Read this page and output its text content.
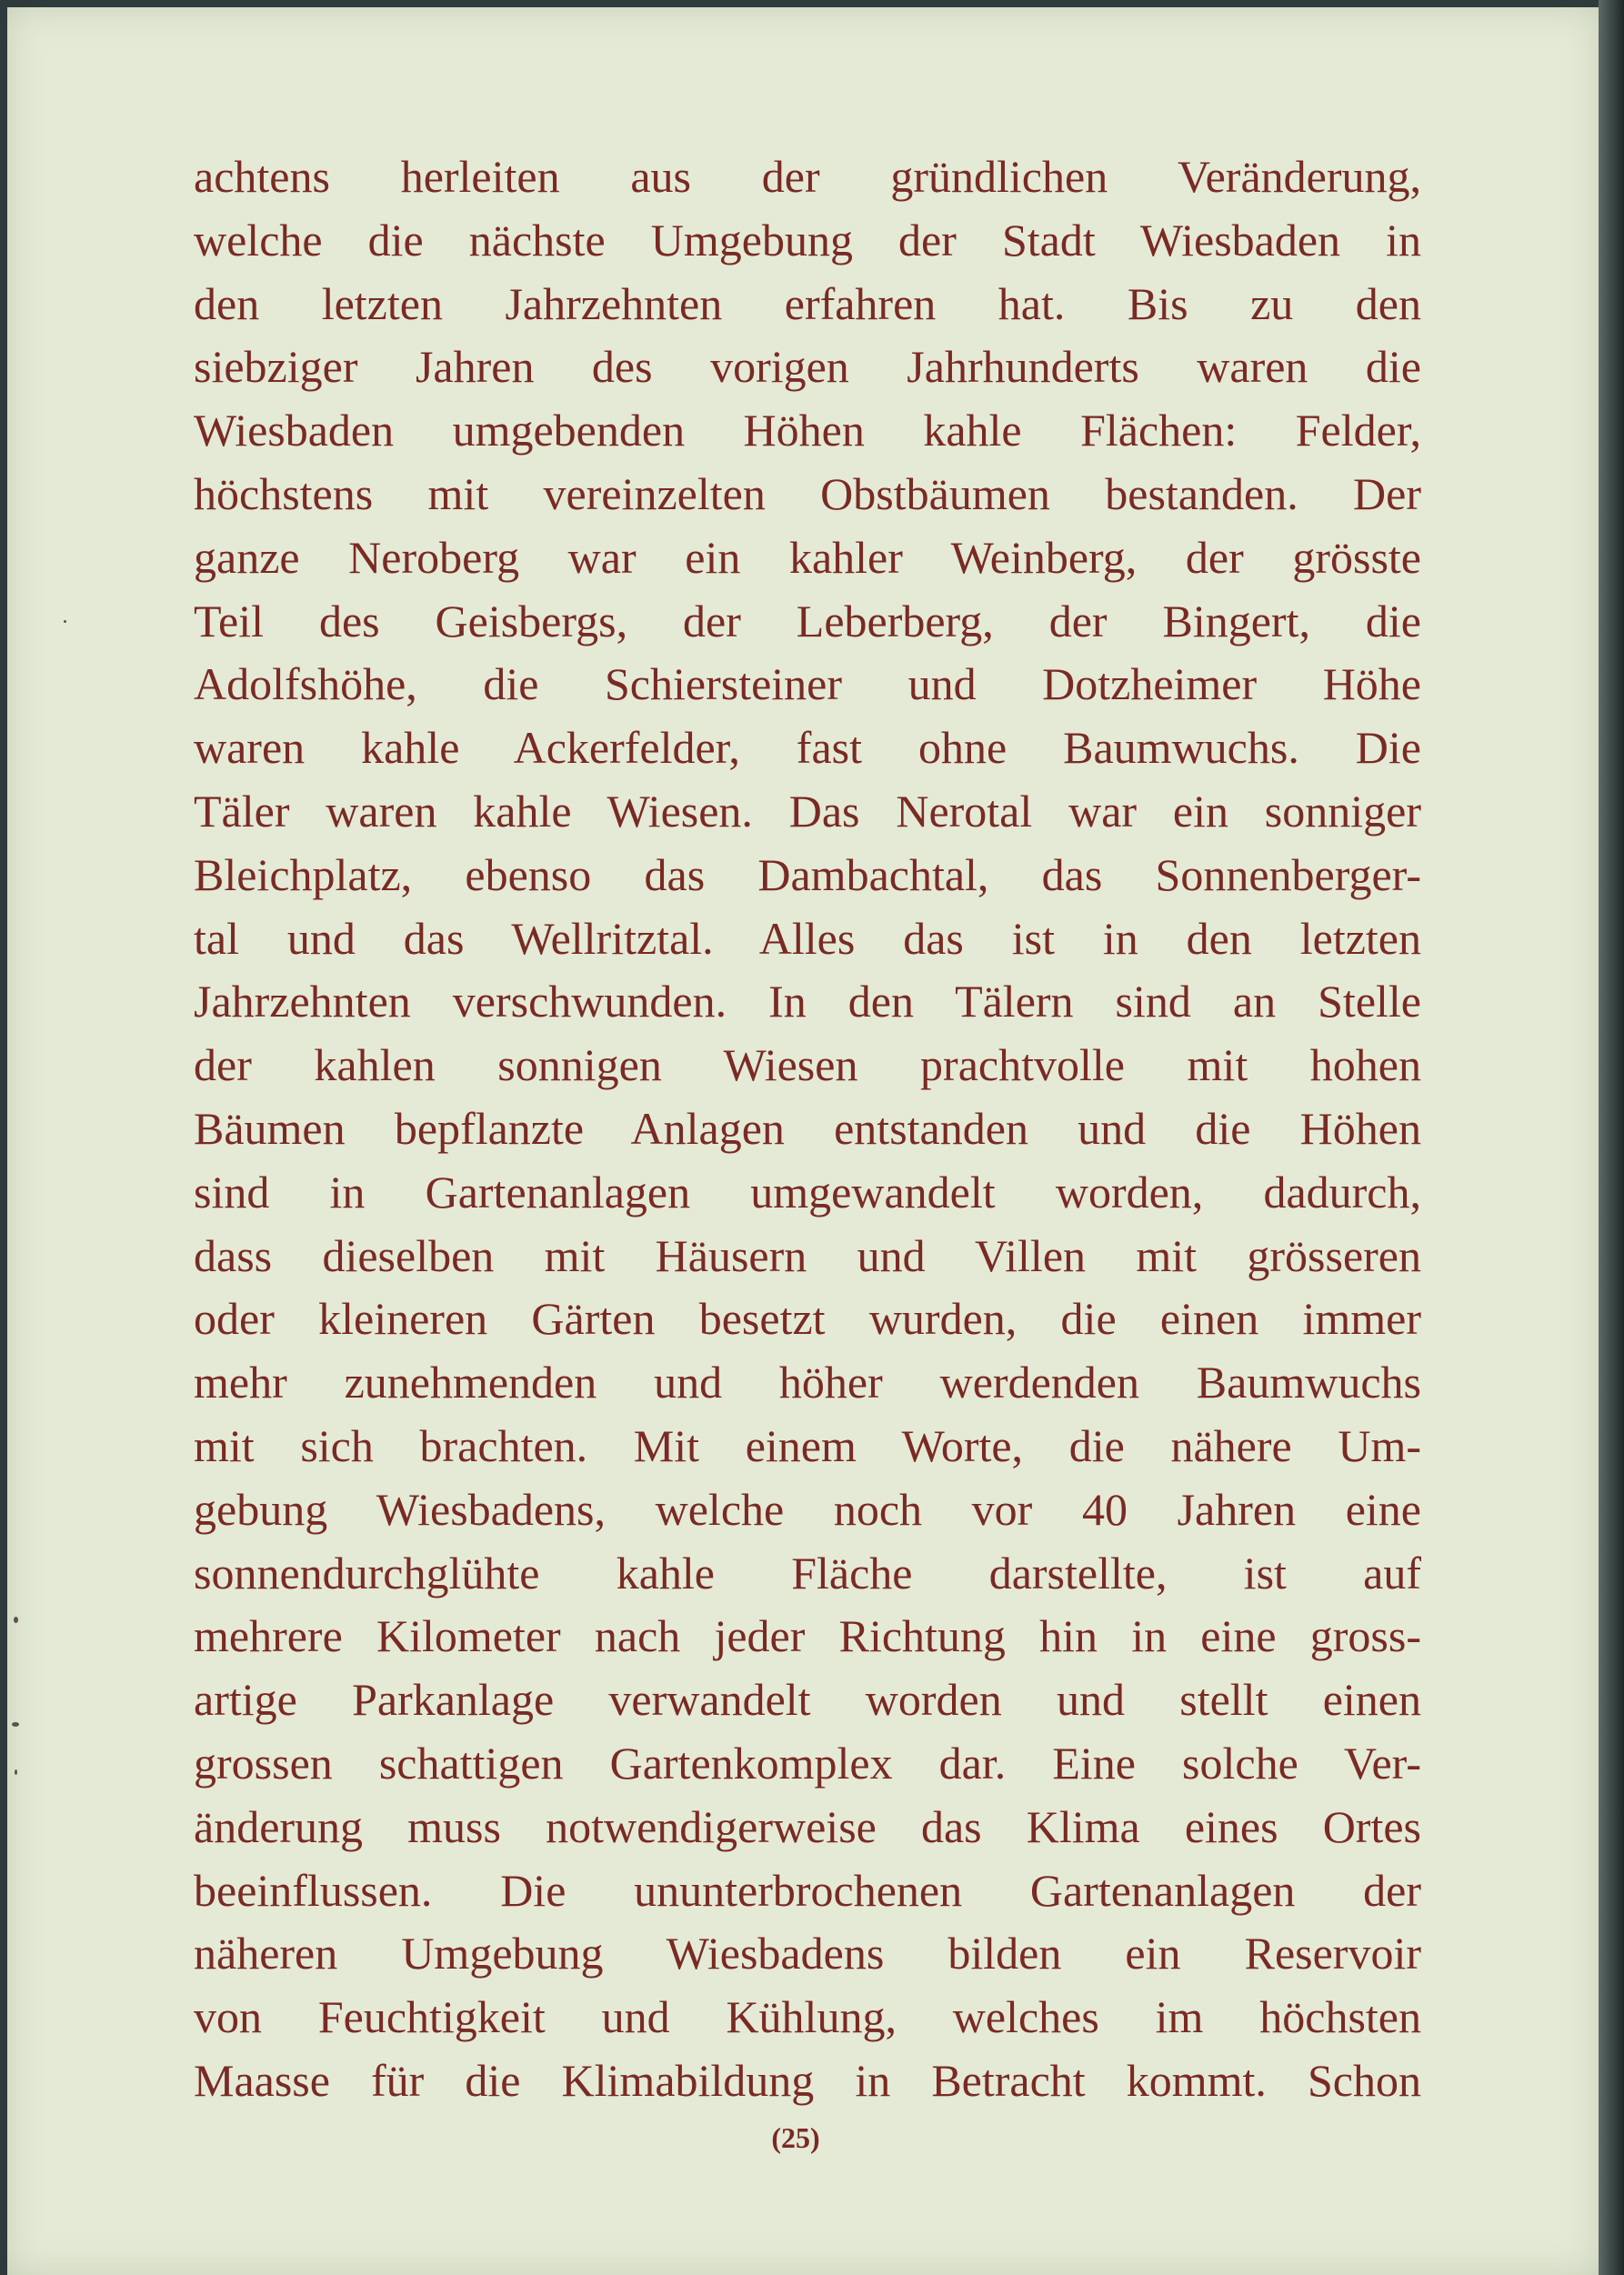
achtens herleiten aus der gründlichen Veränderung,
welche die nächste Umgebung der Stadt Wiesbaden in
den letzten Jahrzehnten erfahren hat. Bis zu den
siebziger Jahren des vorigen Jahrhunderts waren die
Wiesbaden umgebenden Höhen kahle Flächen: Felder,
höchstens mit vereinzelten Obstbäumen bestanden. Der
ganze Neroberg war ein kahler Weinberg, der grösste
Teil des Geisbergs, der Leberberg, der Bingert, die
Adolfshöhe, die Schiersteiner und Dotzheimer Höhe
waren kahle Ackerfelder, fast ohne Baumwuchs. Die
Täler waren kahle Wiesen. Das Nerotal war ein sonniger
Bleichplatz, ebenso das Dambachtal, das Sonnenberger-
tal und das Wellritztal. Alles das ist in den letzten
Jahrzehnten verschwunden. In den Tälern sind an Stelle
der kahlen sonnigen Wiesen prachtvolle mit hohen
Bäumen bepflanzte Anlagen entstanden und die Höhen
sind in Gartenanlagen umgewandelt worden, dadurch,
dass dieselben mit Häusern und Villen mit grösseren
oder kleineren Gärten besetzt wurden, die einen immer
mehr zunehmenden und höher werdenden Baumwuchs
mit sich brachten. Mit einem Worte, die nähere Um-
gebung Wiesbadens, welche noch vor 40 Jahren eine
sonnendurchglühte kahle Fläche darstellte, ist auf
mehrere Kilometer nach jeder Richtung hin in eine gross-
artige Parkanlage verwandelt worden und stellt einen
grossen schattigen Gartenkomplex dar. Eine solche Ver-
änderung muss notwendigerweise das Klima eines Ortes
beeinflussen. Die ununterbrochenen Gartenanlagen der
näheren Umgebung Wiesbadens bilden ein Reservoir
von Feuchtigkeit und Kühlung, welches im höchsten
Maasse für die Klimabildung in Betracht kommt. Schon
(25)
